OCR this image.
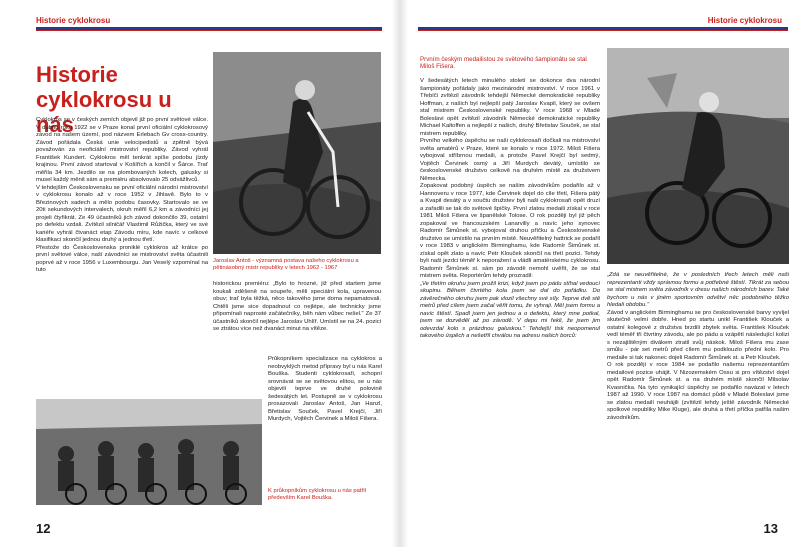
Historie cyklokrosu
Historie cyklokrosu u nás

Cyklokros se v českých zemích objevil již po první světové válce. V dubnu roku 1922 se v Praze konal první oficiální cyklokrosový závod na našem území, pod názvem Erlebach Gv cross-country. Závod pořádala Česká unie velocipedistů a zpětně bývá považován za neoficiální mistrovství republiky. Závod vyhrál František Kundert. Cyklokros měl tenkrát spíše podobu jízdy krajinou. První závod startoval v Košířích a končil v Šárce. Trať měřila 34 km. Jezdilo se na plombovaných kolech, galusky si musel každý měnit sám a premiéru absolvovalo 25 odvážlivců.

V tehdejším Československu se první oficiální národní mistrovství v cyklokrosu konalo až v roce 1952 v Jihlavě. Bylo to v Březinových sadech a mělo podobu časovky. Startovalo se ve 20ti sekundových intervalech, okruh měřil 6,2 km a závodníci jej projeli čtyřikrát. Ze 49 účastníků jich závod dokončilo 39, ostatní po defektu vzdali. Zvítězil silničář Vlastimil Růžička, který ve své kariéře vyhrál čtvanáct etap Závodu míru, kde navíc v celkové klasifikaci skončil jednou druhý a jednou třetí.

Přestože do Československa proniklé cyklokros až krátce po první světové válce, naší závodníci se mistrovství světa účastnili poprvé až v roce 1956 v Luxembourgu. Jan Veselý vzpomínal na tuto

Jaroslav Antoš - významná postava našeho cyklokrosu a pětinásobný mistr republiky v letech 1962 - 1967

historickou premiéru: „Bylo to hrozné, již před startem jsme koukali zděšeně na soupeře, měli speciální kola, upravenou obuv; trať byla těžká, něco takového jsme doma nepamatovali. Chtěli jsme sice dopadnout co nejlépe, ale technicky jsme připomínali naprosté začátečníky, běh nám vůbec nešel." Ze 37 účastníků skončil nejlépe Jaroslav Uhlíř. Umístil se na 24. pozici se ztrátou více než dvanáct minut na vítěze.

Průkopníkem specializace na cyklokros a neobvyklých metod přípravy byl u nás Karel Bouška. Studenti cyklokrosaři, schopní srovnávat se se světovou elitou, se u nás objevili teprve ve druhé polovině šedesátých let. Postupně se v cyklokrosu prosazovali Jaroslav Antoš, Jan Hanzl, Břetislav Souček, Pavel Krejčí, Jiří Murdych, Vojtěch Červinek a Miloš Fišera.

K průkopníkům cyklokrosu u nás patřil především Karel Bouška.
12
Historie cyklokrosu
Prvním českým medailistou ze světového šampionátu se stal Miloš Fišera.

V šedesátých letech minulého století se dokonce dva národní šampionáty pořádaly jako mezinárodní mistrovství. V roce 1961 v Třebíči zvítězil závodník tehdejší Německé demokratické republiky Hoffman, z našich byl nejlepší patý Jaroslav Kvapil, který se ovšem stal mistrem Československé republiky. V roce 1968 v Mladé Boleslavi opět zvítězil závodník Německé demokratické republiky Michael Kaltoffen a nejlepší z našich, druhý Břetislav Souček, se stal mistrem republiky.

Prvního velkého úspěchu se naši cyklokrosaři dočkali na mistrovství světa amatérů v Praze, které se konalo v roce 1972. Miloš Fišera vybojoval stříbrnou medaili, a protože Pavel Krejčí byl sedmý, Vojtěch Červinek osmý a Jiří Murdych devátý, umístilo se československé družstvo celkově na druhém místě za družstvem Německa.

Zopakovat podobný úspěch se našim závodníkům podařilo až v Hannoveru v roce 1977, kde Červinek dojel do cíle třetí, Fišera pátý a Kvapil desátý a v součtu družstev byli naši cyklokrosaři opět druzí a zařadili se tak do světové špičky. První zlatou medaili získal v roce 1981 Miloš Fišera ve španělské Tolose. O rok později byl již pěch zopakoval ve francouzském Lanarvilly a navíc jeho synovec Radomír Šimůnek st. vybojoval druhou příčku a Československé družstvo se umístilo na prvním místě. Neuvěřitelný hattrick se podařil v roce 1983 v anglickém Birminghamu, kde Radomír Šimůnek st. získal opět zlato a navíc Petr Klouček skončil na třetí pozici. Tehdy byli naši jezdci téměř k neporažení a vládli amatérskému cyklokrosu. Radomír Šimůnek st. sám po závodě nemohl uvěřit, že se stal mistrem světa. Reportérům tehdy prozradil:

„Ve třetím okruhu jsem prožil krizi, když jsem po pádu stíhal vedoucí skupinu. Během čtvrtého kola jsem se dal do pořádku. Do závěrečného okruhu jsem pak vlozil všechny své síly. Teprve dvě stě metrů před cílem jsem začal věřit tomu, že vyhraji. Měl jsem formu a navíc štěstí. Spadl jsem jen jednou a o defektu, který mne potkal, jsem se dozvěděl až po závodě. V depu mi řekli, že jsem jim odevzdal kolo s prázdnou galuskou." Tehdejší tisk neopomenul takového úspěch a nešetřil chválou na adresu našich borců:

„Zdá se neuvěřitelné, že v posledních třech letech měli naši reprezentanti vždy správnou formu a potřebné štěstí. Tlkrát za sebou se stal mistrem světa závodník v dresu našich národních barev. Také bychom u nás v jiném sportovním odvětví něc podobného těžko hledali obdobu."

Závod v anglickém Birminghamu se pro československé barvy vyvíjel skutečně velmi dobře. Hned po startu unikl František Klouček a ostatní kolegové z družstva brzdili zbytek světa. František Klouček vedl téměř tři čtvrtiny závodu, ale po pádu a vzápětí následující kolizi s nezajištěným divákem ztratil svůj náskok. Miloš Fišera mu zase smůlu - pár set metrů před cílem mu podklouzlo přední kolo. Pro medaile si tak nakonec dojeli Radomír Šimůnek st. a Petr Klouček.

O rok později v roce 1984 se podařilo našemu reprezentantům medailové pozice uhájit. V Nizozemském Ossu si pro vítězství dojel opět Radomír Šimůnek st. a na druhém místě skončil Milsolav Kvasnička. Na tyto vynikající úspěchy se podařilo navázat v letech 1987 až 1990. V roce 1987 na domácí půdě v Mladé Boleslavi jsme se zlatou medailí neuhájili (zvítězil tehdy ještě závodník Německé spolkové republiky Mike Kluge), ale druhá a třetí příčka patřila našim závodníkům.

13
